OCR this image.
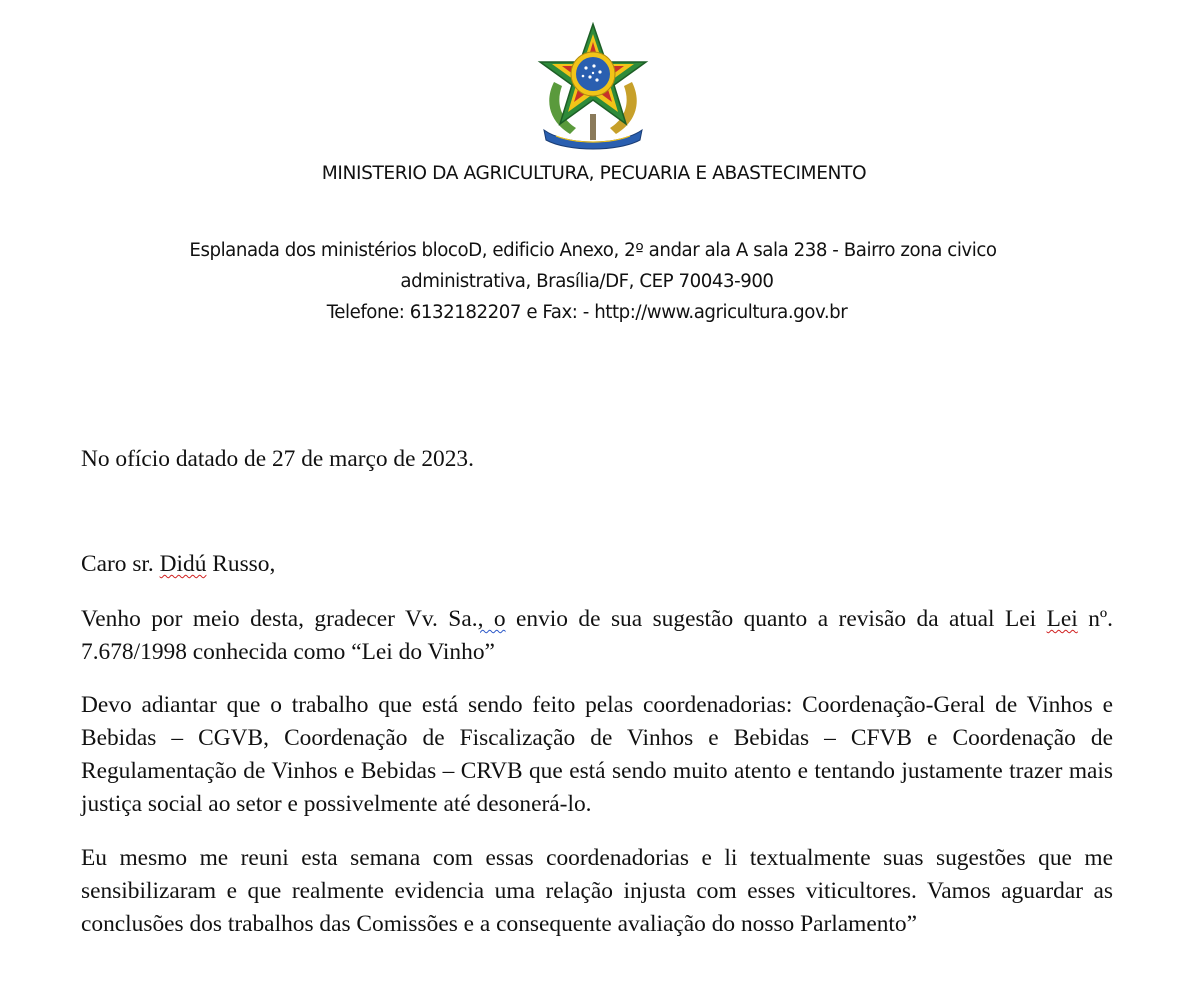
MINISTERIO DA AGRICULTURA, PECUARIA E ABASTECIMENTO
Esplanada dos ministérios blocoD, edificio Anexo, 2º andar ala A sala 238 - Bairro zona civico
administrativa, Brasília/DF, CEP 70043-900
Telefone: 6132182207 e Fax: - http://www.agricultura.gov.br
No ofício datado de 27 de março de 2023.
Caro sr. Didú Russo,
Venho por meio desta, gradecer Vv. Sa., o envio de sua sugestão quanto a revisão da atual Lei Lei nº. 7.678/1998 conhecida como “Lei do Vinho”
Devo adiantar que o trabalho que está sendo feito pelas coordenadorias: Coordenação-Geral de Vinhos e Bebidas – CGVB, Coordenação de Fiscalização de Vinhos e Bebidas – CFVB e Coordenação de Regulamentação de Vinhos e Bebidas – CRVB que está sendo muito atento e tentando justamente trazer mais justiça social ao setor e possivelmente até desonerá-lo.
Eu mesmo me reuni esta semana com essas coordenadorias e li textualmente suas sugestões que me sensibilizaram e que realmente evidencia uma relação injusta com esses viticultores. Vamos aguardar as conclusões dos trabalhos das Comissões e a consequente avaliação do nosso Parlamento”
